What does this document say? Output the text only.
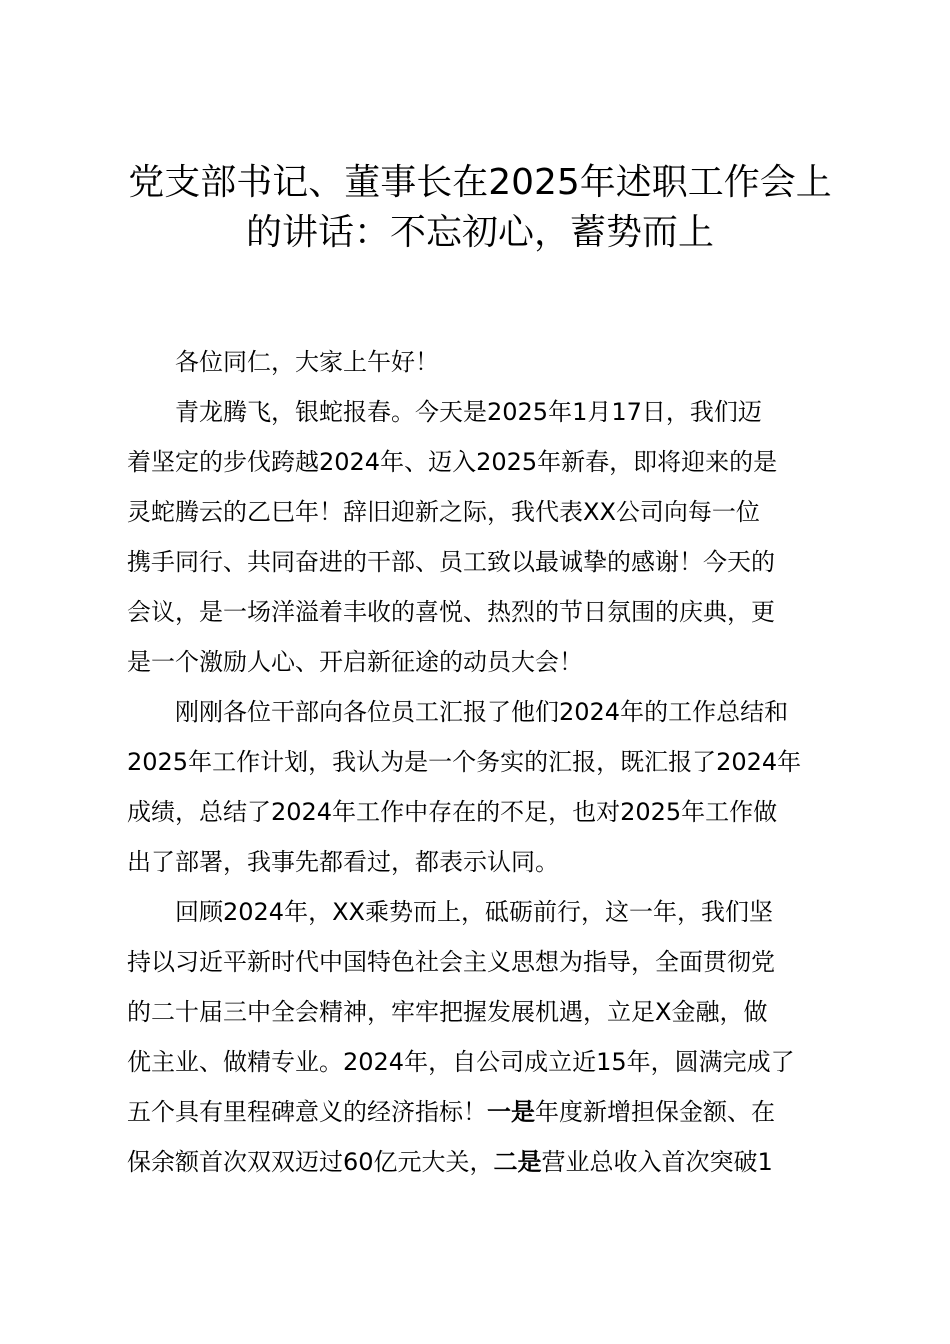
党支部书记、董事长在2025年述职工作会上
的讲话：不忘初心，蓄势而上
各位同仁，大家上午好！
青龙腾飞，银蛇报春。今天是2025年1月17日，我们迈
着坚定的步伐跨越2024年、迈入2025年新春，即将迎来的是
灵蛇腾云的乙巳年！辞旧迎新之际，我代表XX公司向每一位
携手同行、共同奋进的干部、员工致以最诚挚的感谢！今天的
会议，是一场洋溢着丰收的喜悦、热烈的节日氛围的庆典，更
是一个激励人心、开启新征途的动员大会！
刚刚各位干部向各位员工汇报了他们2024年的工作总结和
2025年工作计划，我认为是一个务实的汇报，既汇报了2024年
成绩，总结了2024年工作中存在的不足，也对2025年工作做
出了部署，我事先都看过，都表示认同。
回顾2024年，XX乘势而上，砥砺前行，这一年，我们坚
持以习近平新时代中国特色社会主义思想为指导，全面贯彻党
的二十届三中全会精神，牢牢把握发展机遇，立足X金融，做
优主业、做精专业。2024年，自公司成立近15年，圆满完成了
五个具有里程碑意义的经济指标！一是年度新增担保金额、在
保余额首次双双迈过60亿元大关，二是营业总收入首次突破1
